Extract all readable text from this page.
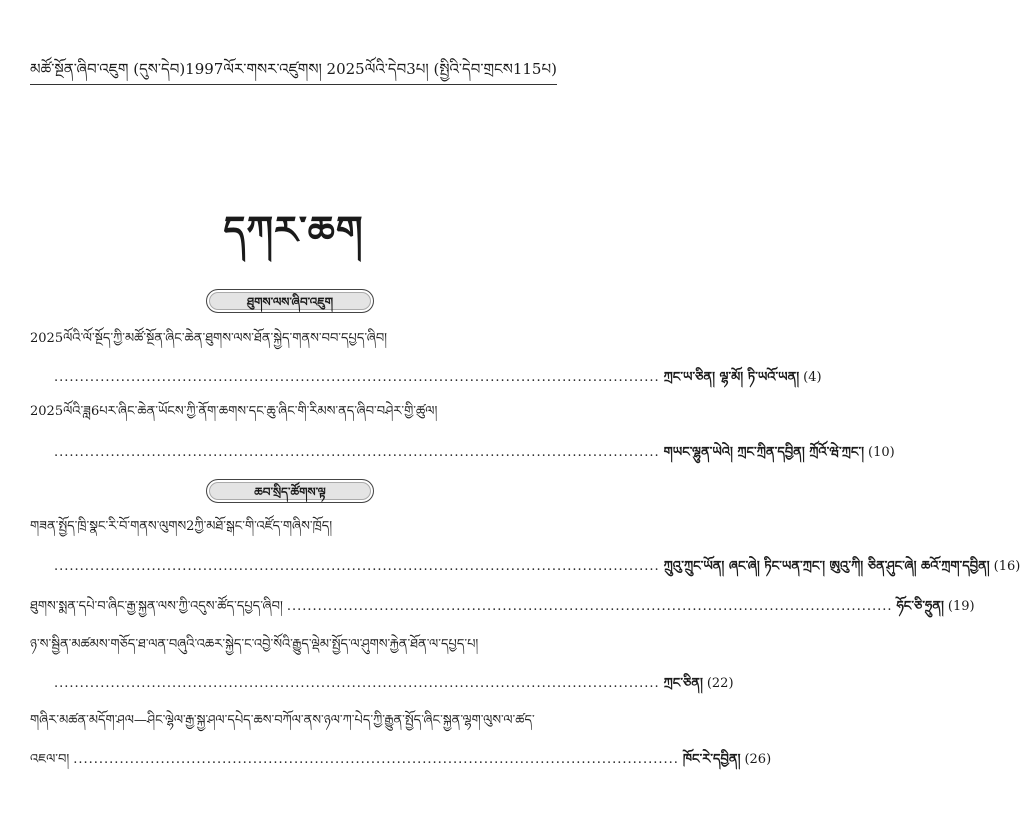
མཚོ་སྔོན་ཞིབ་འཇུག (དུས་དེབ)1997ལོར་གསར་འཛུགས། 2025ལོའི་དེབ3པ། (སྤྱིའི་དེབ་གྲངས115པ)
དཀར་ཆག
ཐུགས་ལས་ཞིབ་འཇུག
2025ལོའི་ལོ་སྔོད་ཀྱི་མཚོ་སྔོན་ཞིང་ཆེན་ཐུགས་ལས་ཐོན་སྐྱེད་གནས་བབ་དཔྱད་ཞིབ།
...................................................................................................................... ཀྲང་ཡ་ཅིན། ལྷ་མོ། ཏི་ཡའོ་ཡན། (4)
2025ལོའི་ཟླ6པར་ཞིང་ཆེན་ཡོངས་ཀྱི་ནོག་ཆགས་དང་ཆུ་ཞིང་གི་རིམས་ནད་ཞིབ་བཤེར་གྱི་ཚུལ།
...................................................................................................................... གཡང་ལྷུན་ཡེའེ། ཀྲང་ཀྲིན་དབྱིན། ཀྲོའོ་ཝེ་ཀྲང་། (10)
ཆབ་སྲིད་ཚོགས་ལྟ
གཟན་སྤྱོད་ཁྲི་སྣང་རི་བོ་གནས་ལུགས2ཀྱི་མཐོ་སྒང་གི་འཛོད་གཞིས་ཁྲོད།
...................................................................................................................... ཀྲུའུ་ཀྲུང་ཡོན། ཞང་ཞེ། ཏིང་ཡན་ཀྲང་། ཨུའུ་ཀི། ཅིན་ཤུང་ཞེ། ཆའོ་ཀྲག་དབྱིན། (16)
ཐུགས་སྨན་དཔེ་བ་ཞིང་རྒྱ་སྐྱན་ལས་ཀྱི་འདུས་ཚོད་དཔྱད་ཞིབ། ...................................................................................................................... ཧོང་ཅི་ཧྲུན། (19)
ཉ་ས་སྦྱིན་མཚམས་གཅོད་ཐ་ལན་བཞུའི་འཆར་སྐྱེད་ང་འབྱེ་སོའི་རྒྱུད་ལྡེམ་སྤྱོད་ལ་ཤུགས་རྐྱེན་ཐོན་ལ་དཔྱད་པ།
...................................................................................................................... ཀྲང་ཅིན། (22)
གཞིར་མཚན་མདོག་ཤལ—ཤིང་ལྷེལ་རྒྱ་སྐྱ་ཤལ་དཔེད་ཆས་བཀོལ་ནས་ཉལ་ཀ་པེད་ཀྱི་རྒྱུན་སྤྱོད་ཞིང་སྐྱན་ལྷག་ལུས་ལ་ཚད་
འཇལ་བ། ...................................................................................................................... ཁོང་རེ་དབྱིན། (26)
